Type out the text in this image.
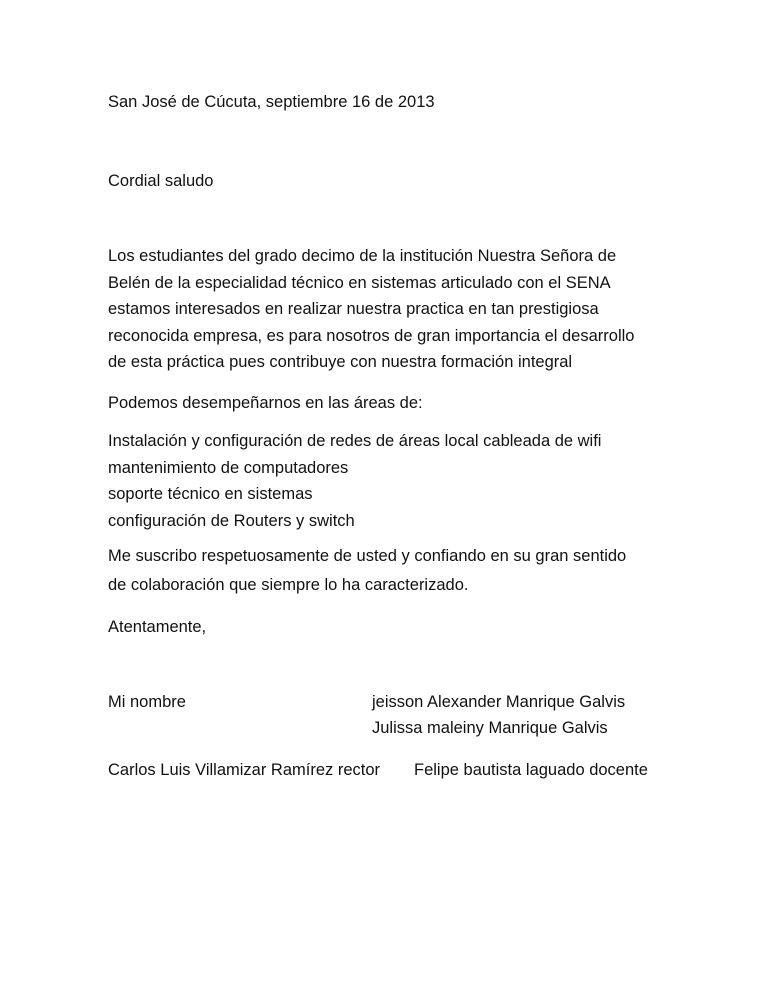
San José de Cúcuta, septiembre 16 de 2013
Cordial saludo
Los estudiantes del grado decimo de la institución Nuestra Señora de
Belén de la especialidad técnico en sistemas articulado con el SENA
estamos interesados en realizar nuestra practica en tan prestigiosa
reconocida empresa, es para nosotros de gran importancia el desarrollo
de esta práctica pues contribuye con nuestra formación integral
Podemos desempeñarnos en las áreas de:
Instalación y configuración de redes de áreas local cableada de wifi
mantenimiento de computadores
soporte técnico en sistemas
configuración de Routers y switch
Me suscribo respetuosamente de usted y confiando en su gran sentido
de colaboración que siempre lo ha caracterizado.
Atentamente,
Mi nombre	jeisson Alexander Manrique Galvis
Julissa maleiny Manrique Galvis
Carlos Luis Villamizar Ramírez rector Felipe bautista laguado docente
